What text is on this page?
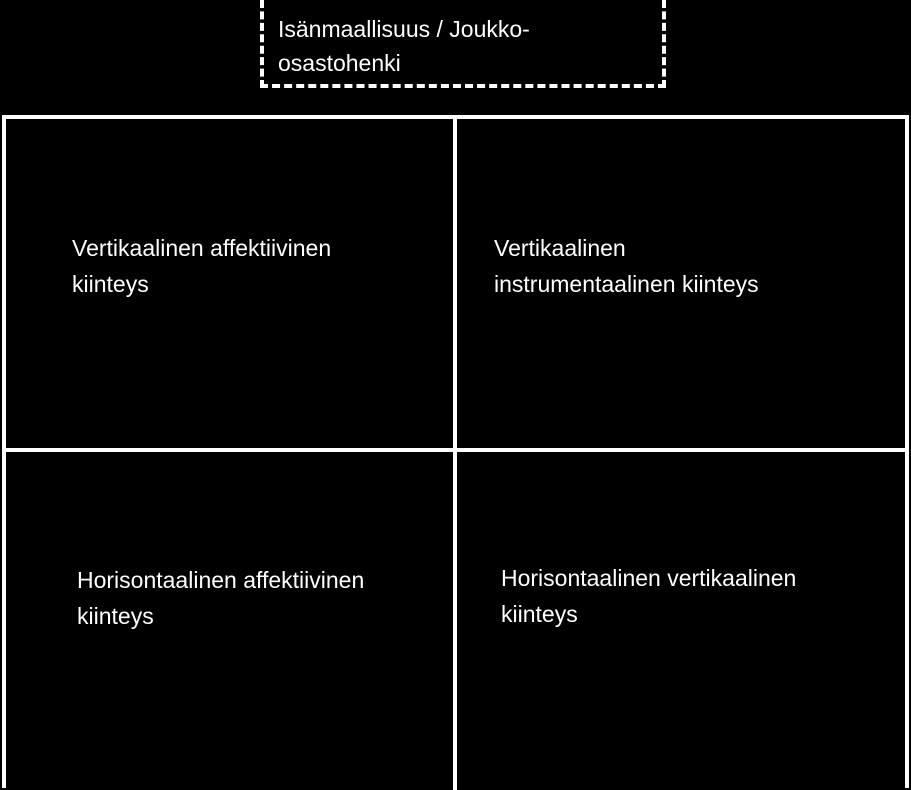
Isänmaallisuus / Joukko-
osastohenki
Vertikaalinen affektiivinen
kiinteys
Vertikaalinen
instrumentaalinen kiinteys
Horisontaalinen affektiivinen
kiinteys
Horisontaalinen vertikaalinen
kiinteys
